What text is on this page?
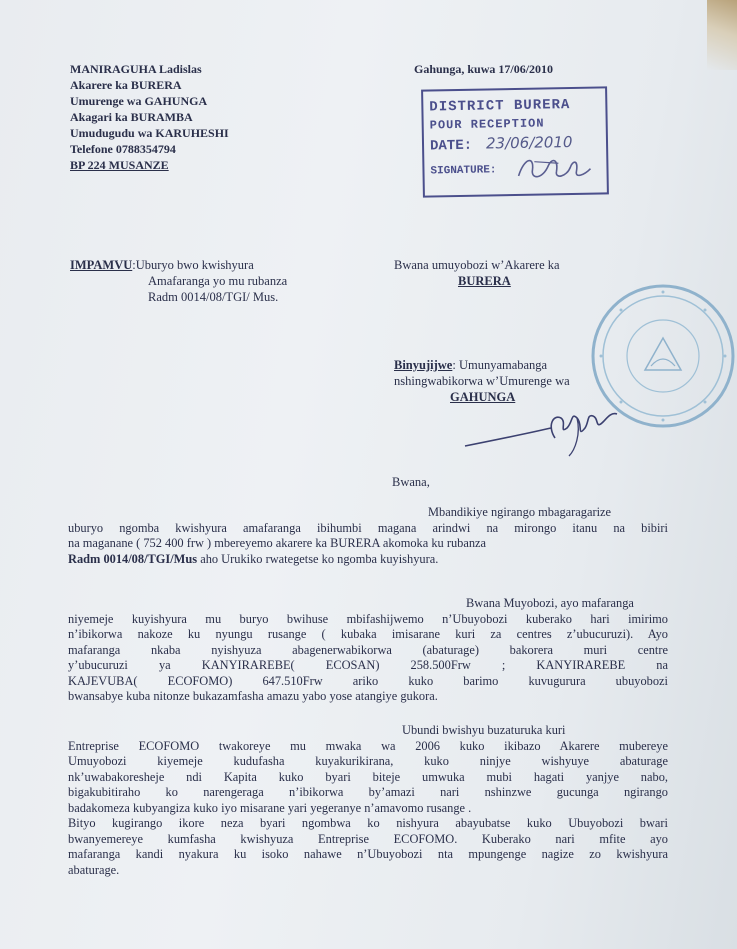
MANIRAGUHA Ladislas
Akarere ka BURERA
Umurenge wa GAHUNGA
Akagari ka BURAMBA
Umudugudu wa KARUHESHI
Telefone 0788354794
BP 224 MUSANZE
Gahunga, kuwa 17/06/2010
DISTRICT BURERA
POUR RECEPTION
DATE: 23/06/2010
SIGNATURE:
IMPAMVU:Uburyo bwo kwishyura
Amafaranga yo mu rubanza
Radm 0014/08/TGI/ Mus.
Bwana umuyobozi w’Akarere ka
BURERA
Binyujijwe: Umunyamabanga
nshingwabikorwa w’Umurenge wa
GAHUNGA
Bwana,
Mbandikiye ngirango mbagaragarize
uburyo ngomba kwishyura amafaranga ibihumbi magana arindwi na mirongo itanu na bibiri
na maganane ( 752 400 frw ) mbereyemo akarere ka BURERA akomoka ku rubanza
Radm 0014/08/TGI/Mus aho Urukiko rwategetse ko ngomba kuyishyura.
Bwana Muyobozi, ayo mafaranga
niyemeje kuyishyura mu buryo bwihuse mbifashijwemo n’Ubuyobozi kuberako hari imirimo
n’ibikorwa nakoze ku nyungu rusange ( kubaka imisarane kuri za centres z’ubucuruzi). Ayo
mafaranga nkaba nyishyuza abagenerwabikorwa (abaturage) bakorera muri centre
y’ubucuruzi ya KANYIRAREBE( ECOSAN) 258.500Frw ; KANYIRAREBE na
KAJEVUBA( ECOFOMO) 647.510Frw ariko kuko barimo kuvugurura ubuyobozi
bwansabye kuba nitonze bukazamfasha amazu yabo yose atangiye gukora.
Ubundi bwishyu buzaturuka kuri
Entreprise ECOFOMO twakoreye mu mwaka wa 2006 kuko ikibazo Akarere mubereye
Umuyobozi kiyemeje kudufasha kuyakurikirana, kuko ninjye wishyuye abaturage
nk’uwabakoresheje ndi Kapita kuko byari biteje umwuka mubi hagati yanjye nabo,
bigakubitiraho ko narengeraga n’ibikorwa by’amazi nari nshinzwe gucunga ngirango
badakomeza kubyangiza kuko iyo misarane yari yegeranye n’amavomo rusange .
Bityo kugirango ikore neza byari ngombwa ko nishyura abayubatse kuko Ubuyobozi bwari
bwanyemereye kumfasha kwishyuza Entreprise ECOFOMO. Kuberako nari mfite ayo
mafaranga kandi nyakura ku isoko nahawe n’Ubuyobozi nta mpungenge nagize zo kwishyura
abaturage.
